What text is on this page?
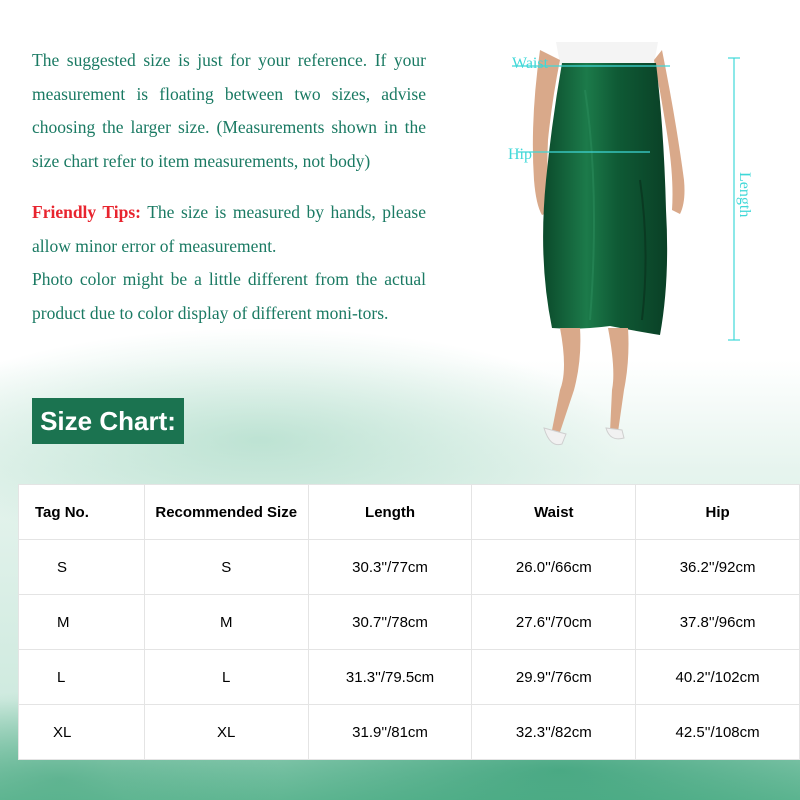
The suggested size is just for your reference. If your measurement is floating between two sizes, advise choosing the larger size. (Measurements shown in the size chart refer to item measurements, not body)

Friendly Tips: The size is measured by hands, please allow minor error of measurement.

Photo color might be a little different from the actual product due to color display of different moni-tors.

Size Chart:
Waist
Hip
Length
Tag No.	Recommended Size	Length	Waist	Hip
S	S	30.3''/77cm	26.0''/66cm	36.2''/92cm
M	M	30.7''/78cm	27.6''/70cm	37.8''/96cm
L	L	31.3''/79.5cm	29.9''/76cm	40.2''/102cm
XL	XL	31.9''/81cm	32.3''/82cm	42.5''/108cm
